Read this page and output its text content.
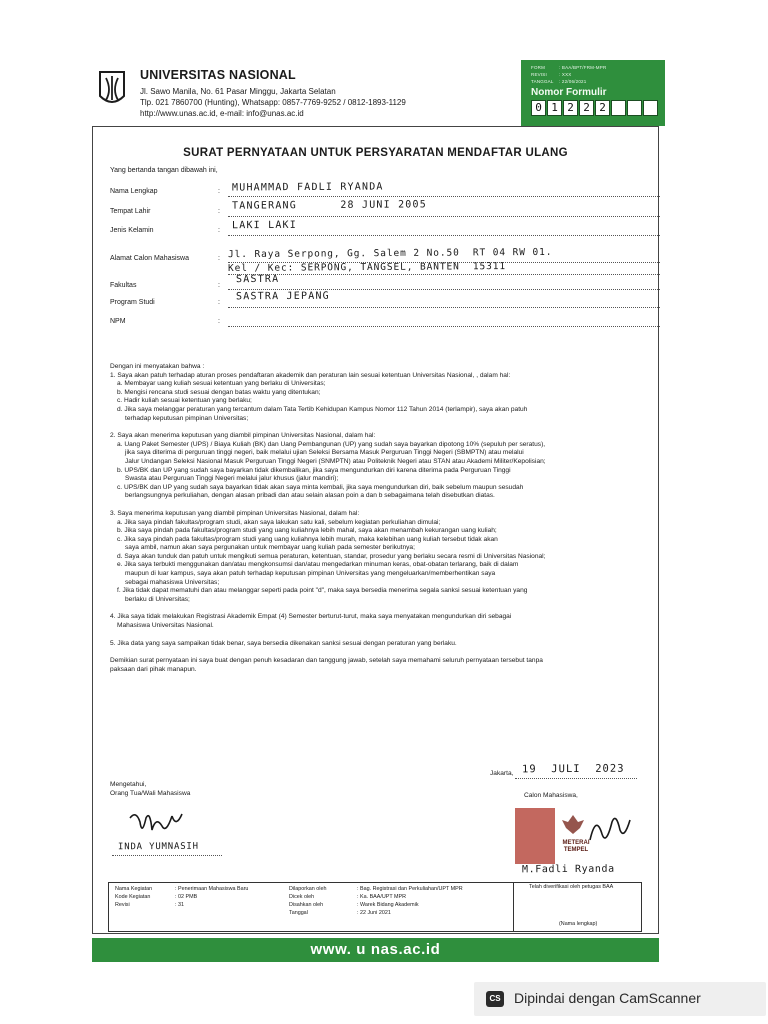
UNIVERSITAS NASIONAL
Jl. Sawo Manila, No. 61 Pasar Minggu, Jakarta Selatan
Tlp. 021 7860700 (Hunting), Whatsapp: 0857-7769-9252 / 0812-1893-1129
http://www.unas.ac.id, e-mail: info@unas.ac.id
FORM	: BAA/BPT/FRM-MPR
REVISI	: XXX
TANGGAL : 22/06/2021
Nomor Formulir
0 1 2 2 2
SURAT PERNYATAAN UNTUK PERSYARATAN MENDAFTAR ULANG
Yang bertanda tangan dibawah ini,
Nama Lengkap	: MUHAMMAD FADLI RYANDA
Tempat Lahir	: TANGERANG      28 JUNI 2005
Jenis Kelamin	: LAKI LAKI
Alamat Calon Mahasiswa	: Jl. Raya Serpong, Gg. Salem 2 No.50  RT 04 RW 01.
Kel / Kec: SERPONG, TANGSEL, BANTEN  15311
Fakultas	:
SASTRA
Program Studi	:
SASTRA JEPANG
NPM	:

Dengan ini menyatakan bahwa :

1. Saya akan patuh terhadap aturan proses pendaftaran akademik dan peraturan lain sesuai ketentuan Universitas Nasional, , dalam hal:

a. Membayar uang kuliah sesuai ketentuan yang berlaku di Universitas;

b. Mengisi rencana studi sesuai dengan batas waktu yang ditentukan;

c. Hadir kuliah sesuai ketentuan yang berlaku;

d. Jika saya melanggar peraturan yang tercantum dalam Tata Tertib Kehidupan Kampus Nomor 112 Tahun 2014 (terlampir), saya akan patuh

terhadap keputusan pimpinan Universitas;

2. Saya akan menerima keputusan yang diambil pimpinan Universitas Nasional, dalam hal:

a. Uang Paket Semester (UPS) / Biaya Kuliah (BK) dan Uang Pembangunan (UP) yang sudah saya bayarkan dipotong 10% (sepuluh per seratus),

jika saya diterima di perguruan tinggi negeri, baik melalui ujian Seleksi Bersama Masuk Perguruan Tinggi Negeri (SBMPTN) atau melalui

Jalur Undangan Seleksi Nasional Masuk Perguruan Tinggi Negeri (SNMPTN) atau Politeknik Negeri atau STAN atau Akademi Militer/Kepolisian;

b. UPS/BK dan UP yang sudah saya bayarkan tidak dikembalikan, jika saya mengundurkan diri karena diterima pada Perguruan Tinggi

Swasta atau Perguruan Tinggi Negeri melalui jalur khusus (jalur mandiri);

c. UPS/BK dan UP yang sudah saya bayarkan tidak akan saya minta kembali, jika saya mengundurkan diri, baik sebelum maupun sesudah

berlangsungnya perkuliahan, dengan alasan pribadi dan atau selain alasan poin a dan b sebagaimana telah disebutkan diatas.

3. Saya menerima keputusan yang diambil pimpinan Universitas Nasional, dalam hal:

a. Jika saya pindah fakultas/program studi, akan saya lakukan satu kali, sebelum kegiatan perkuliahan dimulai;

b. Jika saya pindah pada fakultas/program studi yang uang kuliahnya lebih mahal, saya akan menambah kekurangan uang kuliah;

c. Jika saya pindah pada fakultas/program studi yang uang kuliahnya lebih murah, maka kelebihan uang kuliah tersebut tidak akan

saya ambil, namun akan saya pergunakan untuk membayar uang kuliah pada semester berikutnya;

d. Saya akan tunduk dan patuh untuk mengikuti semua peraturan, ketentuan, standar, prosedur yang berlaku secara resmi di Universitas Nasional;

e. Jika saya terbukti menggunakan dan/atau mengkonsumsi dan/atau mengedarkan minuman keras, obat-obatan terlarang, baik di dalam

maupun di luar kampus, saya akan patuh terhadap keputusan pimpinan Universitas yang mengeluarkan/memberhentikan saya

sebagai mahasiswa Universitas;

f. Jika tidak dapat mematuhi dan atau melanggar seperti pada point "d", maka saya bersedia menerima segala sanksi sesuai ketentuan yang

berlaku di Universitas;

4. Jika saya tidak melakukan Registrasi Akademik Empat (4) Semester berturut-turut, maka saya menyatakan mengundurkan diri sebagai

Mahasiswa Universitas Nasional.

5. Jika data yang saya sampaikan tidak benar, saya bersedia dikenakan sanksi sesuai dengan peraturan yang berlaku.

Demikian surat pernyataan ini saya buat dengan penuh kesadaran dan tanggung jawab, setelah saya memahami seluruh pernyataan tersebut tanpa

paksaan dari pihak manapun.

Mengetahui,
Orang Tua/Wali Mahasiswa
INDA YUMNASIH
Jakarta, 19  JULI  2023
Calon Mahasiswa,
METERAI TEMPEL
M.Fadli Ryanda
Nama Kegiatan	: Penerimaan Mahasiswa Baru
Kode Kegiatan	: 02 PMB
Revisi	: 31
Dilaporkan oleh	: Bag. Registrasi dan Perkuliahan/UPT MPR
Dicek oleh	: Ka. BAA/UPT MPR
Disahkan oleh	: Warek Bidang Akademik
Tanggal	: 22 Juni 2021
Telah diverifikasi oleh petugas BAA
(Nama lengkap)
www. u nas.ac.id
CS Dipindai dengan CamScanner
